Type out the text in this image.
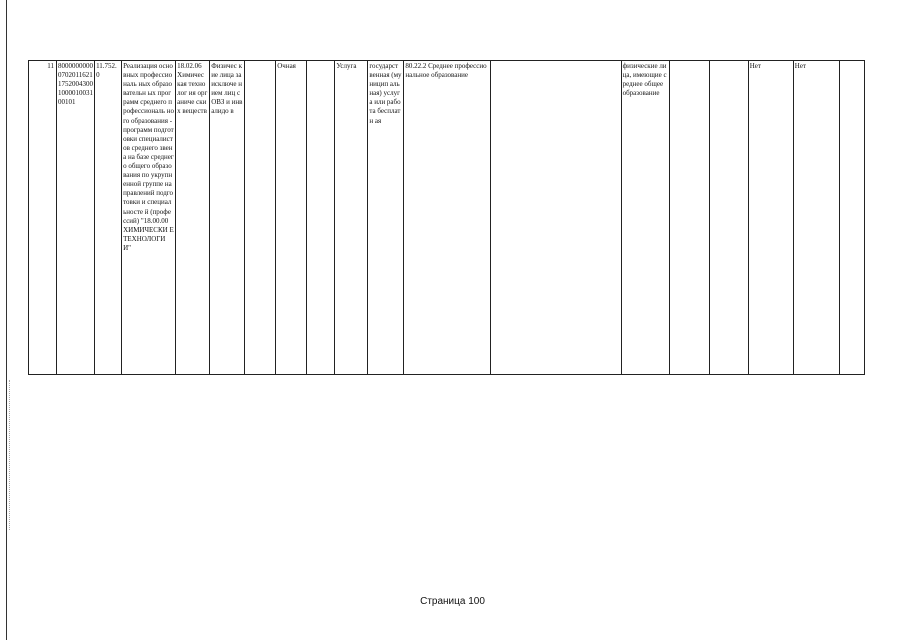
11	800000000007020116211752004300100001003100101	11.752.0	Реализация основных профессиональ ных образовательн ых программ среднего профессиональ ного образования - программ подготовки специалистов среднего звена на базе среднего общего образования по укрупненной группе направлений подготовки и специальносте й (профессий) "18.00.00 ХИМИЧЕСКИ Е ТЕХНОЛОГИ И"	18.02.06 Химичес кая технолог ия органиче ских веществ	Физичес кие лица за исключе нием лиц с ОВЗ и инвалидо в		Очная		Услуга	государст венная (муницип альная) услуга или работа бесплатн ая	80.22.2 Среднее профессиональное образование		физические лица, имеющие среднее общее образование			Нет	Нет	
Страница 100
